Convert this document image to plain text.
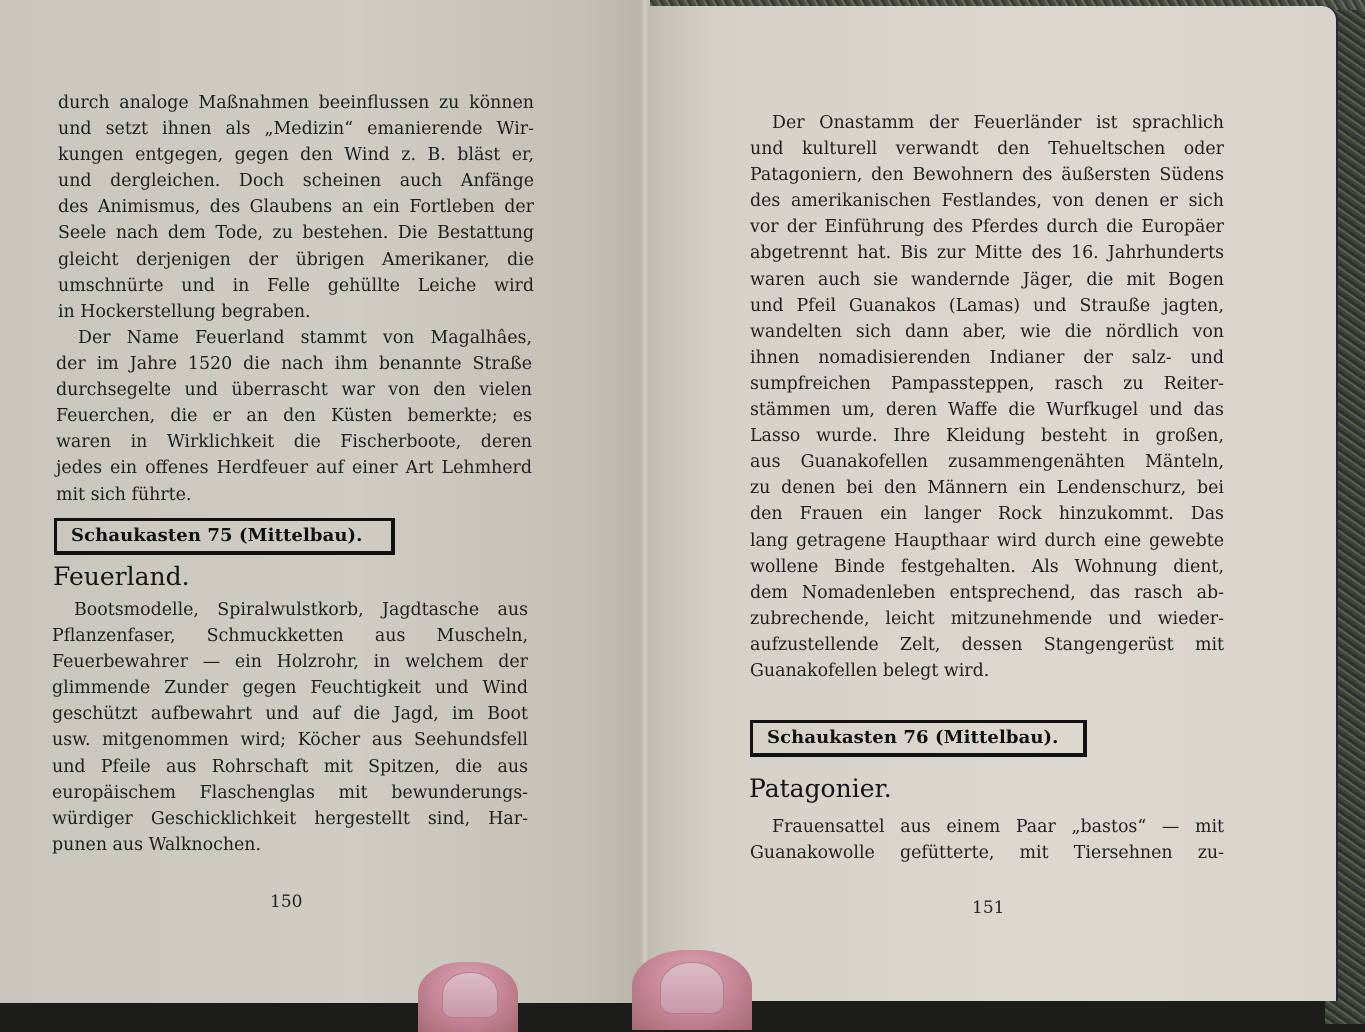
durch analoge Maßnahmen beeinflussen zu können
und setzt ihnen als „Medizin“ emanierende Wir-
kungen entgegen, gegen den Wind z. B. bläst er,
und dergleichen. Doch scheinen auch Anfänge
des Animismus, des Glaubens an ein Fortleben der
Seele nach dem Tode, zu bestehen. Die Bestattung
gleicht derjenigen der übrigen Amerikaner, die
umschnürte und in Felle gehüllte Leiche wird
in Hockerstellung begraben.
Der Name Feuerland stammt von Magalhâes,
der im Jahre 1520 die nach ihm benannte Straße
durchsegelte und überrascht war von den vielen
Feuerchen, die er an den Küsten bemerkte; es
waren in Wirklichkeit die Fischerboote, deren
jedes ein offenes Herdfeuer auf einer Art Lehmherd
mit sich führte.
Schaukasten 75 (Mittelbau).
Feuerland.
Bootsmodelle, Spiralwulstkorb, Jagdtasche aus
Pflanzenfaser, Schmuckketten aus Muscheln,
Feuerbewahrer — ein Holzrohr, in welchem der
glimmende Zunder gegen Feuchtigkeit und Wind
geschützt aufbewahrt und auf die Jagd, im Boot
usw. mitgenommen wird; Köcher aus Seehundsfell
und Pfeile aus Rohrschaft mit Spitzen, die aus
europäischem Flaschenglas mit bewunderungs-
würdiger Geschicklichkeit hergestellt sind, Har-
punen aus Walknochen.
150
Der Onastamm der Feuerländer ist sprachlich
und kulturell verwandt den Tehueltschen oder
Patagoniern, den Bewohnern des äußersten Südens
des amerikanischen Festlandes, von denen er sich
vor der Einführung des Pferdes durch die Europäer
abgetrennt hat. Bis zur Mitte des 16. Jahrhunderts
waren auch sie wandernde Jäger, die mit Bogen
und Pfeil Guanakos (Lamas) und Strauße jagten,
wandelten sich dann aber, wie die nördlich von
ihnen nomadisierenden Indianer der salz- und
sumpfreichen Pampassteppen, rasch zu Reiter-
stämmen um, deren Waffe die Wurfkugel und das
Lasso wurde. Ihre Kleidung besteht in großen,
aus Guanakofellen zusammengenähten Mänteln,
zu denen bei den Männern ein Lendenschurz, bei
den Frauen ein langer Rock hinzukommt. Das
lang getragene Haupthaar wird durch eine gewebte
wollene Binde festgehalten. Als Wohnung dient,
dem Nomadenleben entsprechend, das rasch ab-
zubrechende, leicht mitzunehmende und wieder-
aufzustellende Zelt, dessen Stangengerüst mit
Guanakofellen belegt wird.
Schaukasten 76 (Mittelbau).
Patagonier.
Frauensattel aus einem Paar „bastos“ — mit
Guanakowolle gefütterte, mit Tiersehnen zu-
151
